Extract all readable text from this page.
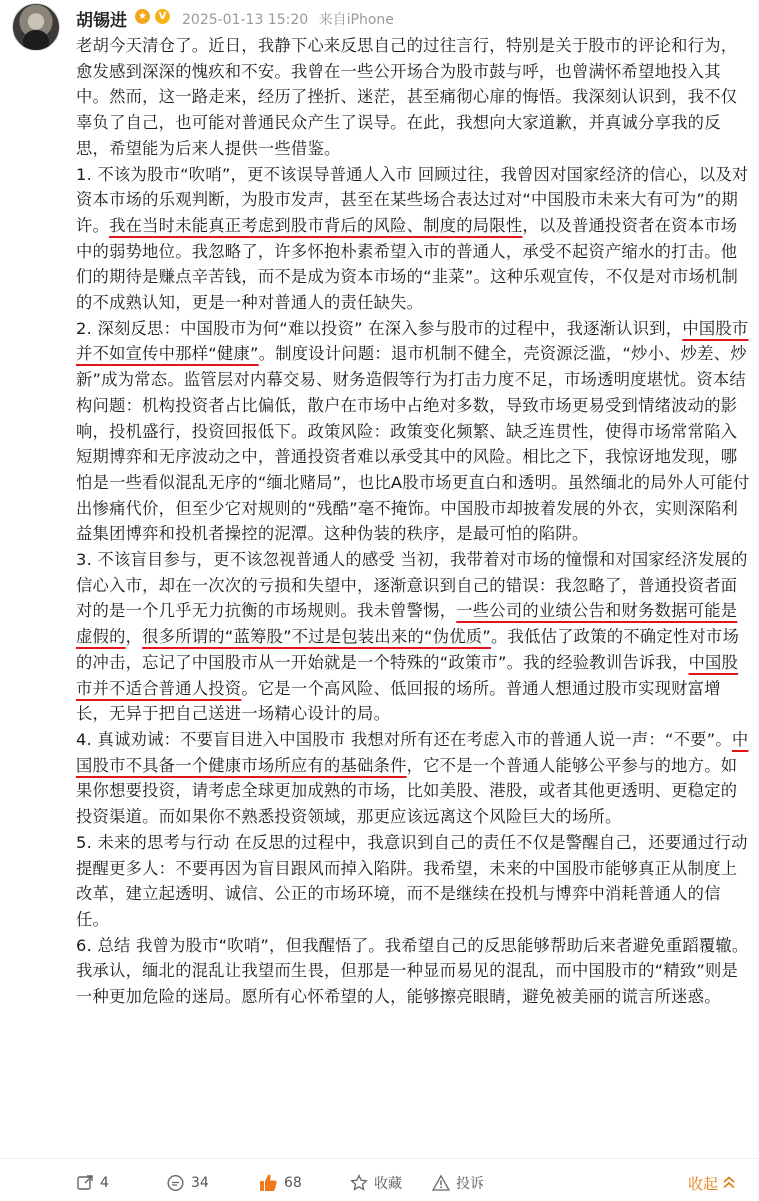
胡锡进	★	V 2025-01-13 15:20 来自iPhone

老胡今天清仓了。近日，我静下心来反思自己的过往言行，特别是关于股市的评论和行为，愈发感到深深的愧疚和不安。我曾在一些公开场合为股市鼓与呼，也曾满怀希望地投入其中。然而，这一路走来，经历了挫折、迷茫，甚至痛彻心扉的悔悟。我深刻认识到，我不仅辜负了自己，也可能对普通民众产生了误导。在此，我想向大家道歉，并真诚分享我的反思，希望能为后来人提供一些借鉴。

1. 不该为股市“吹哨”，更不该误导普通人入市 回顾过往，我曾因对国家经济的信心，以及对资本市场的乐观判断，为股市发声，甚至在某些场合表达过对“中国股市未来大有可为”的期许。我在当时未能真正考虑到股市背后的风险、制度的局限性，以及普通投资者在资本市场中的弱势地位。我忽略了，许多怀抱朴素希望入市的普通人，承受不起资产缩水的打击。他们的期待是赚点辛苦钱，而不是成为资本市场的“韭菜”。这种乐观宣传，不仅是对市场机制的不成熟认知，更是一种对普通人的责任缺失。

2. 深刻反思：中国股市为何“难以投资” 在深入参与股市的过程中，我逐渐认识到，中国股市并不如宣传中那样“健康”。制度设计问题：退市机制不健全，壳资源泛滥，“炒小、炒差、炒新”成为常态。监管层对内幕交易、财务造假等行为打击力度不足，市场透明度堪忧。资本结构问题：机构投资者占比偏低，散户在市场中占绝对多数，导致市场更易受到情绪波动的影响，投机盛行，投资回报低下。政策风险：政策变化频繁、缺乏连贯性，使得市场常常陷入短期博弈和无序波动之中，普通投资者难以承受其中的风险。相比之下，我惊讶地发现，哪怕是一些看似混乱无序的“缅北赌局”，也比A股市场更直白和透明。虽然缅北的局外人可能付出惨痛代价，但至少它对规则的“残酷”毫不掩饰。中国股市却披着发展的外衣，实则深陷利益集团博弈和投机者操控的泥潭。这种伪装的秩序，是最可怕的陷阱。

3. 不该盲目参与，更不该忽视普通人的感受 当初，我带着对市场的憧憬和对国家经济发展的信心入市，却在一次次的亏损和失望中，逐渐意识到自己的错误：我忽略了，普通投资者面对的是一个几乎无力抗衡的市场规则。我未曾警惕，一些公司的业绩公告和财务数据可能是虚假的，很多所谓的“蓝筹股”不过是包装出来的“伪优质”。我低估了政策的不确定性对市场的冲击，忘记了中国股市从一开始就是一个特殊的“政策市”。我的经验教训告诉我，中国股市并不适合普通人投资。它是一个高风险、低回报的场所。普通人想通过股市实现财富增长，无异于把自己送进一场精心设计的局。

4. 真诚劝诫：不要盲目进入中国股市 我想对所有还在考虑入市的普通人说一声：“不要”。中国股市不具备一个健康市场所应有的基础条件，它不是一个普通人能够公平参与的地方。如果你想要投资，请考虑全球更加成熟的市场，比如美股、港股，或者其他更透明、更稳定的投资渠道。而如果你不熟悉投资领域，那更应该远离这个风险巨大的场所。

5. 未来的思考与行动 在反思的过程中，我意识到自己的责任不仅是警醒自己，还要通过行动提醒更多人：不要再因为盲目跟风而掉入陷阱。我希望，未来的中国股市能够真正从制度上改革，建立起透明、诚信、公正的市场环境，而不是继续在投机与博弈中消耗普通人的信任。

6. 总结 我曾为股市“吹哨”，但我醒悟了。我希望自己的反思能够帮助后来者避免重蹈覆辙。我承认，缅北的混乱让我望而生畏，但那是一种显而易见的混乱，而中国股市的“精致”则是一种更加危险的迷局。愿所有心怀希望的人，能够擦亮眼睛，避免被美丽的谎言所迷惑。

4	34	68	收藏	投诉	收起
